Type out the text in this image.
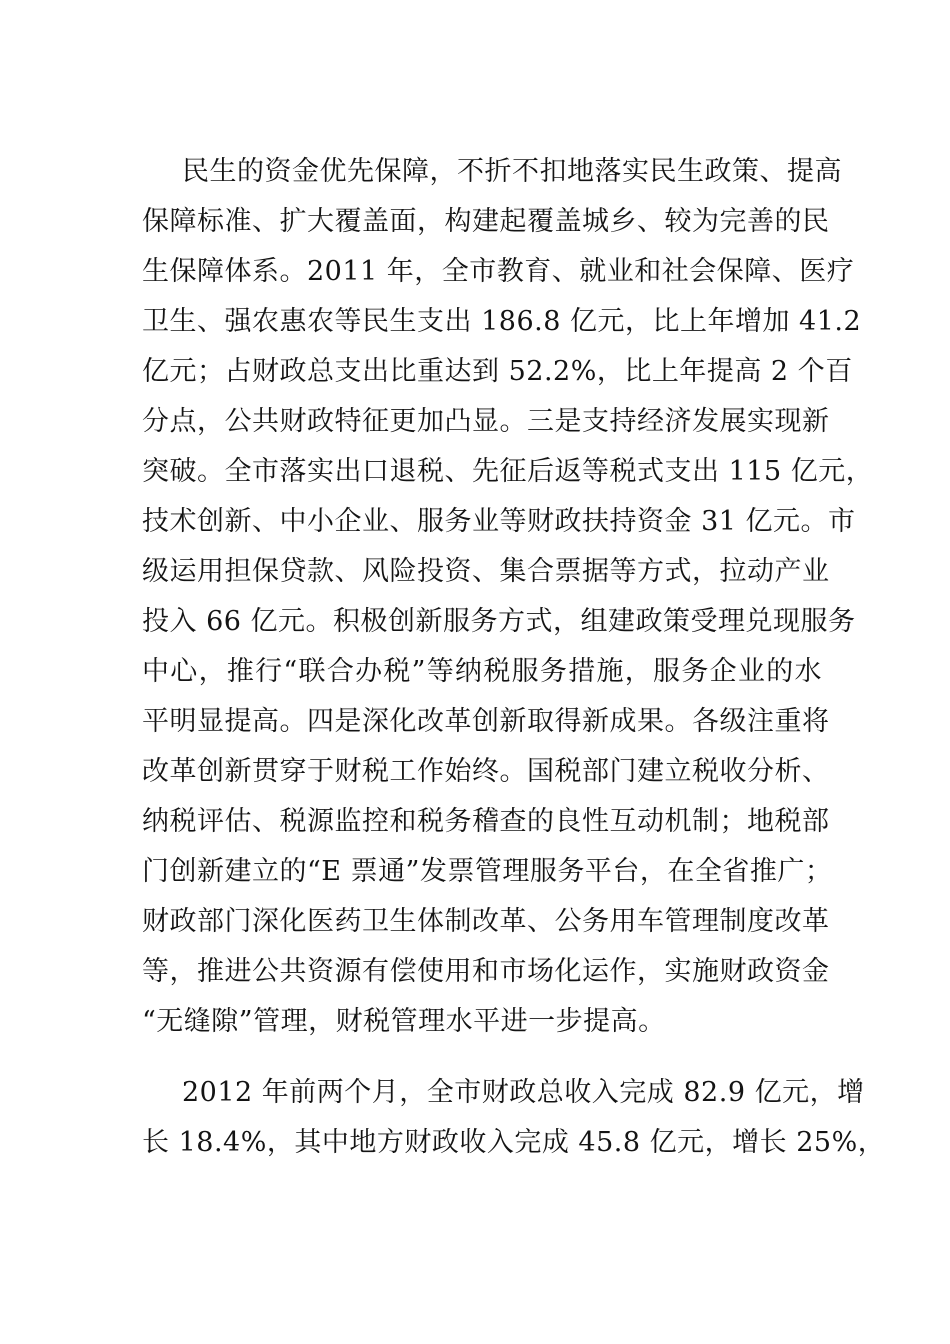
民生的资金优先保障，不折不扣地落实民生政策、提高

保障标准、扩大覆盖面，构建起覆盖城乡、较为完善的民

生保障体系。2011 年，全市教育、就业和社会保障、医疗

卫生、强农惠农等民生支出 186.8 亿元，比上年增加 41.2

亿元；占财政总支出比重达到 52.2%，比上年提高 2 个百

分点，公共财政特征更加凸显。三是支持经济发展实现新

突破。全市落实出口退税、先征后返等税式支出 115 亿元，

技术创新、中小企业、服务业等财政扶持资金 31 亿元。市

级运用担保贷款、风险投资、集合票据等方式，拉动产业

投入 66 亿元。积极创新服务方式，组建政策受理兑现服务

中心，推行“联合办税”等纳税服务措施，服务企业的水

平明显提高。四是深化改革创新取得新成果。各级注重将

改革创新贯穿于财税工作始终。国税部门建立税收分析、

纳税评估、税源监控和税务稽查的良性互动机制；地税部

门创新建立的“E 票通”发票管理服务平台，在全省推广；

财政部门深化医药卫生体制改革、公务用车管理制度改革

等，推进公共资源有偿使用和市场化运作，实施财政资金

“无缝隙”管理，财税管理水平进一步提高。

2012 年前两个月，全市财政总收入完成 82.9 亿元，增

长 18.4%，其中地方财政收入完成 45.8 亿元，增长 25%，
